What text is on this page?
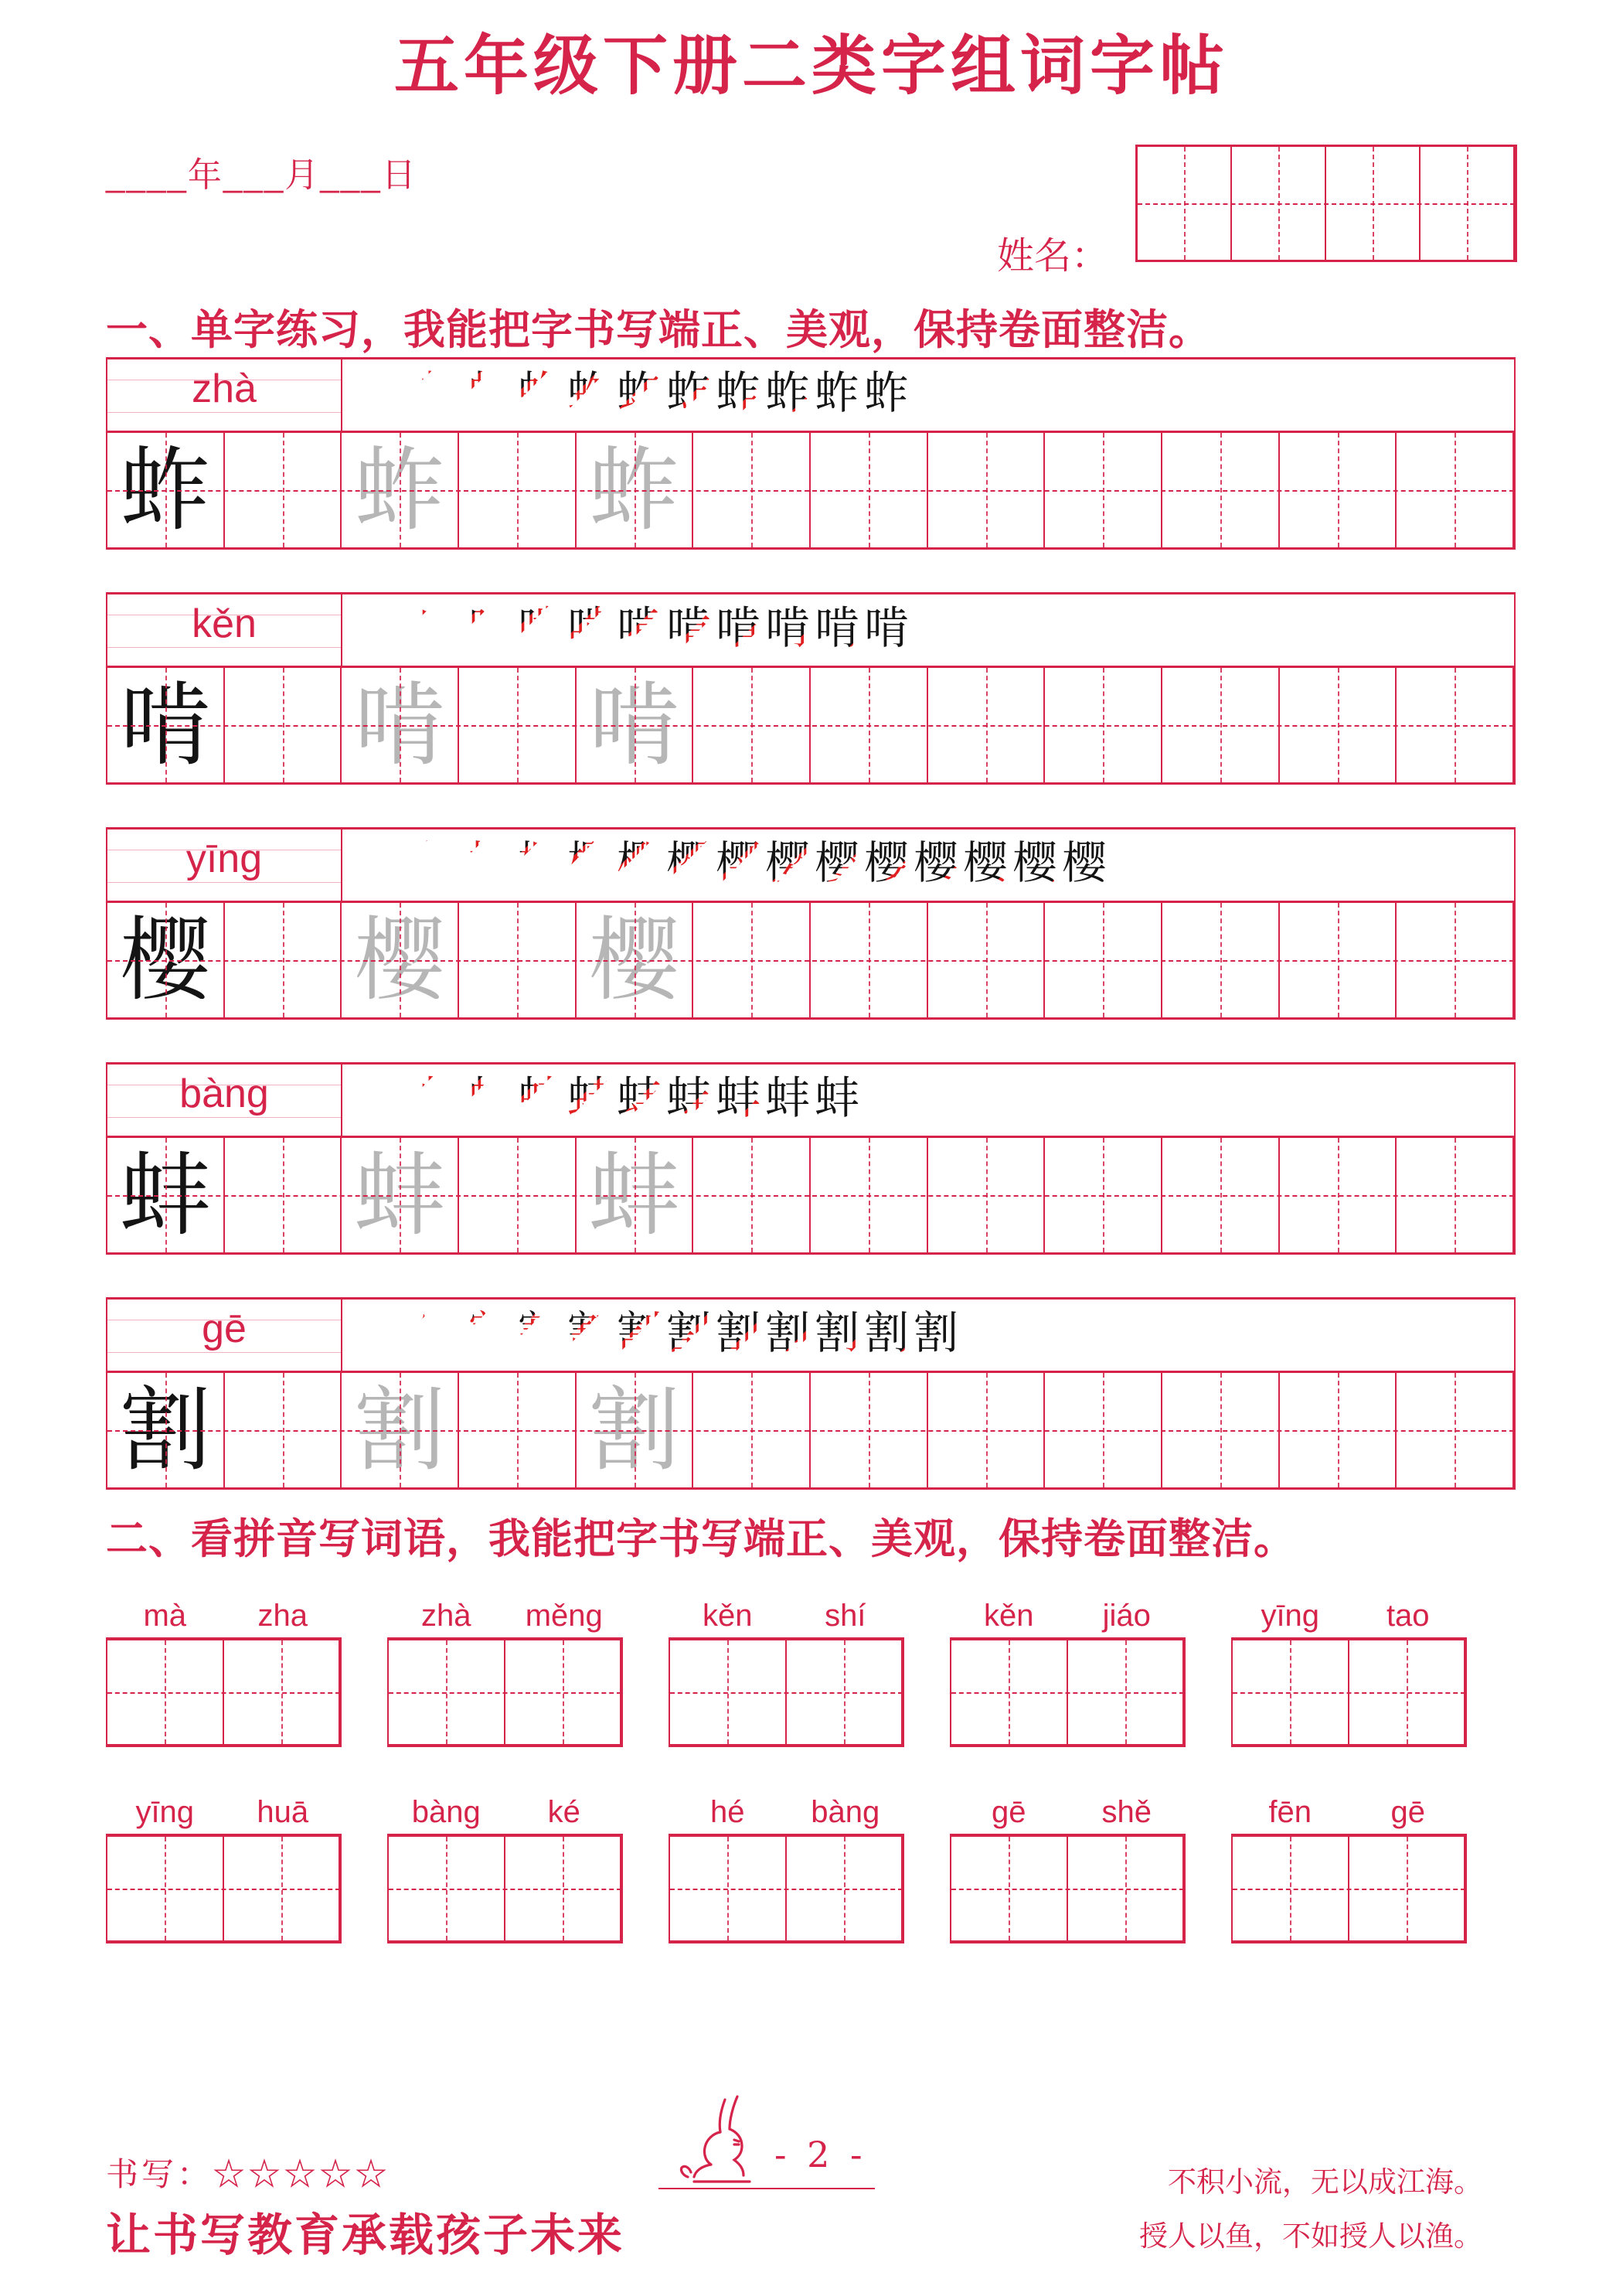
五年级下册二类字组词字帖
____年___月___日
姓名：
一、单字练习，我能把字书写端正、美观，保持卷面整洁。
zhà	蚱 蚱 蚱 蚱 蚱 蚱 蚱 蚱 蚱 蚱 蚱
蚱 蚱 蚱
kěn	啃 啃 啃 啃 啃 啃 啃 啃 啃 啃 啃
啃 啃 啃
yīng	樱 樱 樱 樱 樱 樱 樱 樱 樱 樱 樱 樱 樱 樱 樱
樱 樱 樱
bàng	蚌 蚌 蚌 蚌 蚌 蚌 蚌 蚌 蚌 蚌
蚌 蚌 蚌
gē	割 割 割 割 割 割 割 割 割 割 割 割
割 割 割
二、看拼音写词语，我能把字书写端正、美观，保持卷面整洁。
mà	zha	zhà	měng	kěn	shí	kěn	jiáo	yīng	tao
yīng	huā	bàng	ké	hé	bàng	gē	shě	fēn	gē
书写：☆☆☆☆☆	- 2 -
不积小流，无以成江海。
授人以鱼，不如授人以渔。
让书写教育承载孩子未来
